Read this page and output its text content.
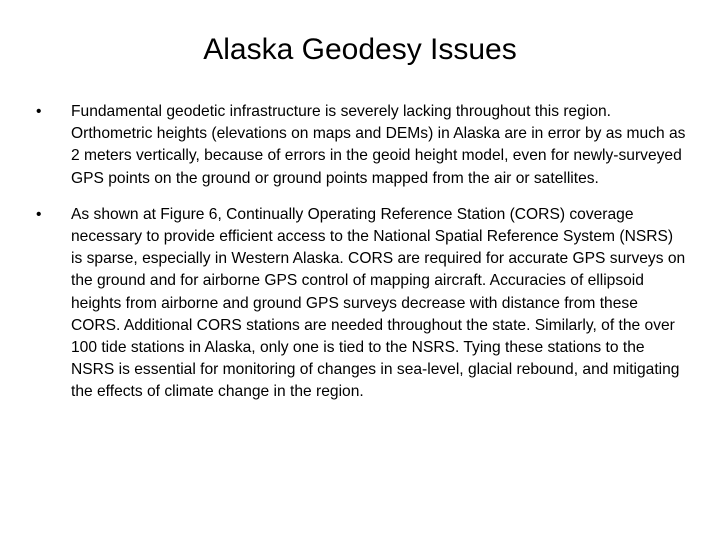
Alaska Geodesy Issues
•	Fundamental geodetic infrastructure is severely lacking throughout this region. Orthometric heights (elevations on maps and DEMs) in Alaska are in error by as much as 2 meters vertically, because of errors in the geoid height model, even for newly-surveyed GPS points on the ground or ground points mapped from the air or satellites.
•	As shown at Figure 6, Continually Operating Reference Station (CORS) coverage necessary to provide efficient access to the National Spatial Reference System (NSRS) is sparse, especially in Western Alaska. CORS are required for accurate GPS surveys on the ground and for airborne GPS control of mapping aircraft. Accuracies of ellipsoid heights from airborne and ground GPS surveys decrease with distance from these CORS. Additional CORS stations are needed throughout the state. Similarly, of the over 100 tide stations in Alaska, only one is tied to the NSRS. Tying these stations to the NSRS is essential for monitoring of changes in sea-level, glacial rebound, and mitigating the effects of climate change in the region.
